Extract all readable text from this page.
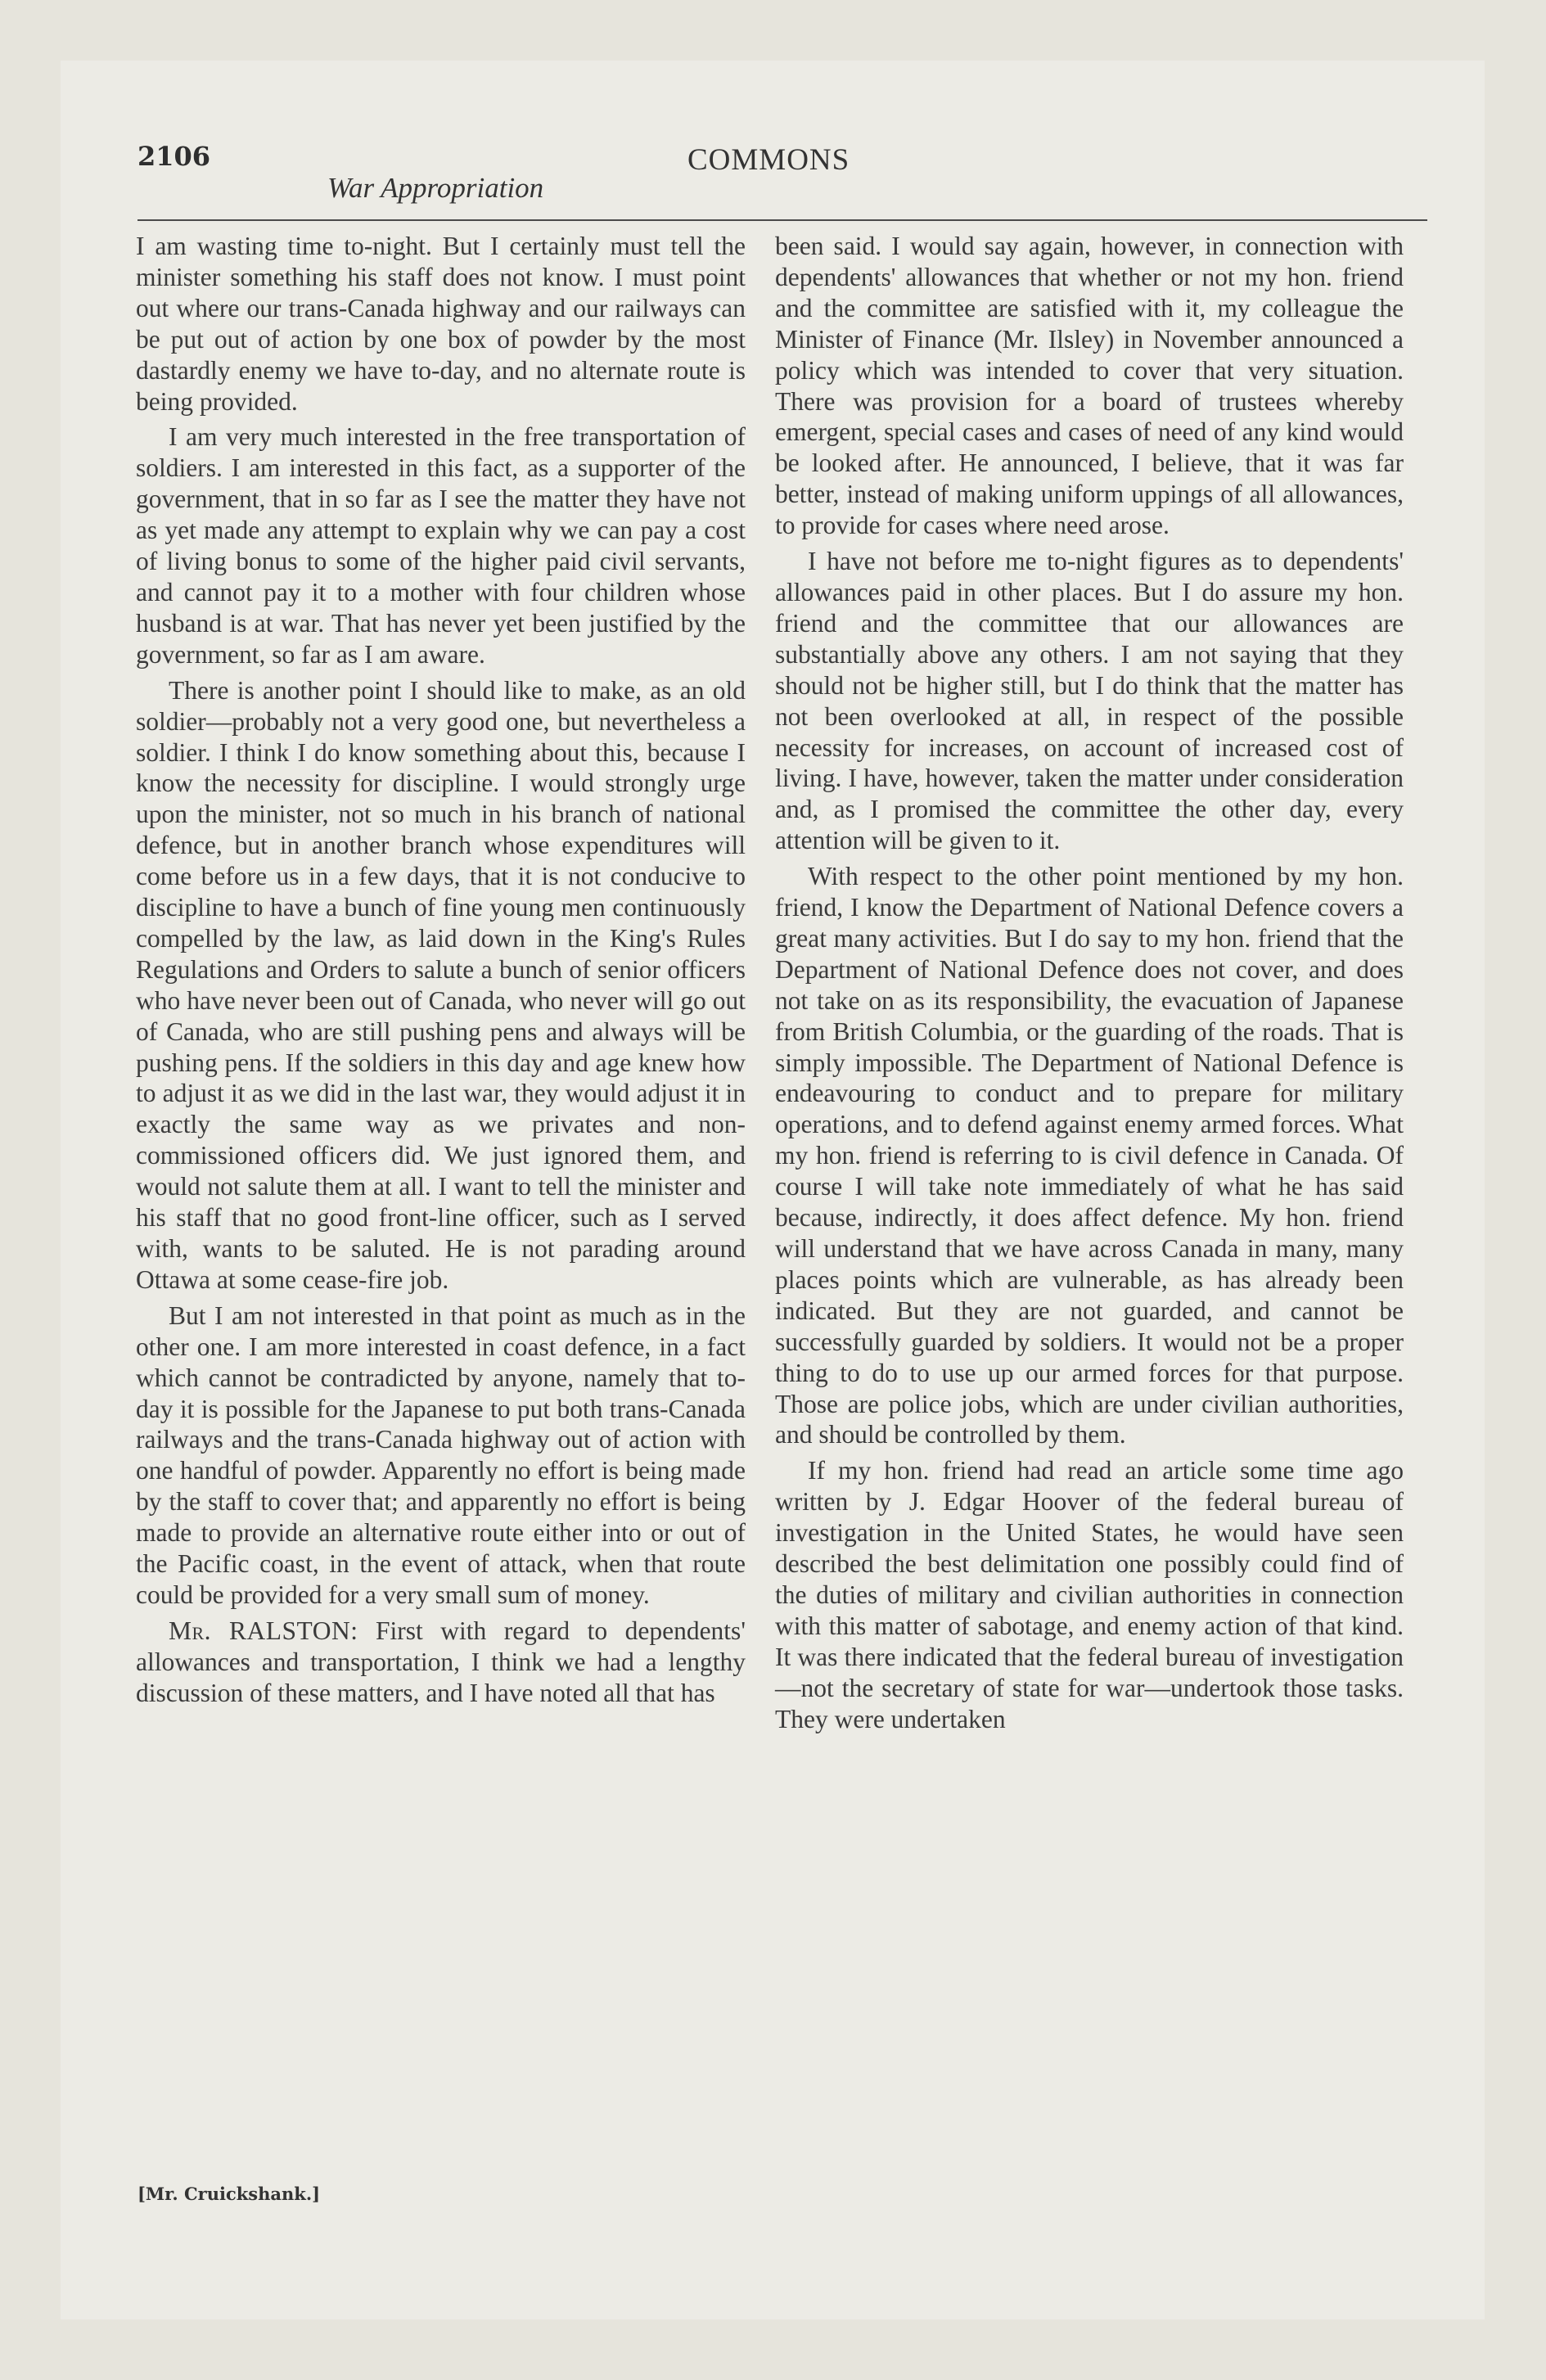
2106
War Appropriation
COMMONS

I am wasting time to-night. But I certainly must tell the minister something his staff does not know. I must point out where our trans-Canada highway and our railways can be put out of action by one box of powder by the most dastardly enemy we have to-day, and no alternate route is being provided.

I am very much interested in the free transportation of soldiers. I am interested in this fact, as a supporter of the government, that in so far as I see the matter they have not as yet made any attempt to explain why we can pay a cost of living bonus to some of the higher paid civil servants, and cannot pay it to a mother with four children whose husband is at war. That has never yet been justified by the government, so far as I am aware.

There is another point I should like to make, as an old soldier—probably not a very good one, but nevertheless a soldier. I think I do know something about this, because I know the necessity for discipline. I would strongly urge upon the minister, not so much in his branch of national defence, but in another branch whose expenditures will come before us in a few days, that it is not conducive to discipline to have a bunch of fine young men continuously compelled by the law, as laid down in the King's Rules Regulations and Orders to salute a bunch of senior officers who have never been out of Canada, who never will go out of Canada, who are still pushing pens and always will be pushing pens. If the soldiers in this day and age knew how to adjust it as we did in the last war, they would adjust it in exactly the same way as we privates and non-commissioned officers did. We just ignored them, and would not salute them at all. I want to tell the minister and his staff that no good front-line officer, such as I served with, wants to be saluted. He is not parading around Ottawa at some cease-fire job.

But I am not interested in that point as much as in the other one. I am more interested in coast defence, in a fact which cannot be contradicted by anyone, namely that to-day it is possible for the Japanese to put both trans-Canada railways and the trans-Canada highway out of action with one handful of powder. Apparently no effort is being made by the staff to cover that; and apparently no effort is being made to provide an alternative route either into or out of the Pacific coast, in the event of attack, when that route could be provided for a very small sum of money.

Mr. RALSTON: First with regard to dependents' allowances and transportation, I think we had a lengthy discussion of these matters, and I have noted all that has

been said. I would say again, however, in connection with dependents' allowances that whether or not my hon. friend and the committee are satisfied with it, my colleague the Minister of Finance (Mr. Ilsley) in November announced a policy which was intended to cover that very situation. There was provision for a board of trustees whereby emergent, special cases and cases of need of any kind would be looked after. He announced, I believe, that it was far better, instead of making uniform uppings of all allowances, to provide for cases where need arose.

I have not before me to-night figures as to dependents' allowances paid in other places. But I do assure my hon. friend and the committee that our allowances are substantially above any others. I am not saying that they should not be higher still, but I do think that the matter has not been overlooked at all, in respect of the possible necessity for increases, on account of increased cost of living. I have, however, taken the matter under consideration and, as I promised the committee the other day, every attention will be given to it.

With respect to the other point mentioned by my hon. friend, I know the Department of National Defence covers a great many activities. But I do say to my hon. friend that the Department of National Defence does not cover, and does not take on as its responsibility, the evacuation of Japanese from British Columbia, or the guarding of the roads. That is simply impossible. The Department of National Defence is endeavouring to conduct and to prepare for military operations, and to defend against enemy armed forces. What my hon. friend is referring to is civil defence in Canada. Of course I will take note immediately of what he has said because, indirectly, it does affect defence. My hon. friend will understand that we have across Canada in many, many places points which are vulnerable, as has already been indicated. But they are not guarded, and cannot be successfully guarded by soldiers. It would not be a proper thing to do to use up our armed forces for that purpose. Those are police jobs, which are under civilian authorities, and should be controlled by them.

If my hon. friend had read an article some time ago written by J. Edgar Hoover of the federal bureau of investigation in the United States, he would have seen described the best delimitation one possibly could find of the duties of military and civilian authorities in connection with this matter of sabotage, and enemy action of that kind. It was there indicated that the federal bureau of investigation—not the secretary of state for war—undertook those tasks. They were undertaken

[Mr. Cruickshank.]
